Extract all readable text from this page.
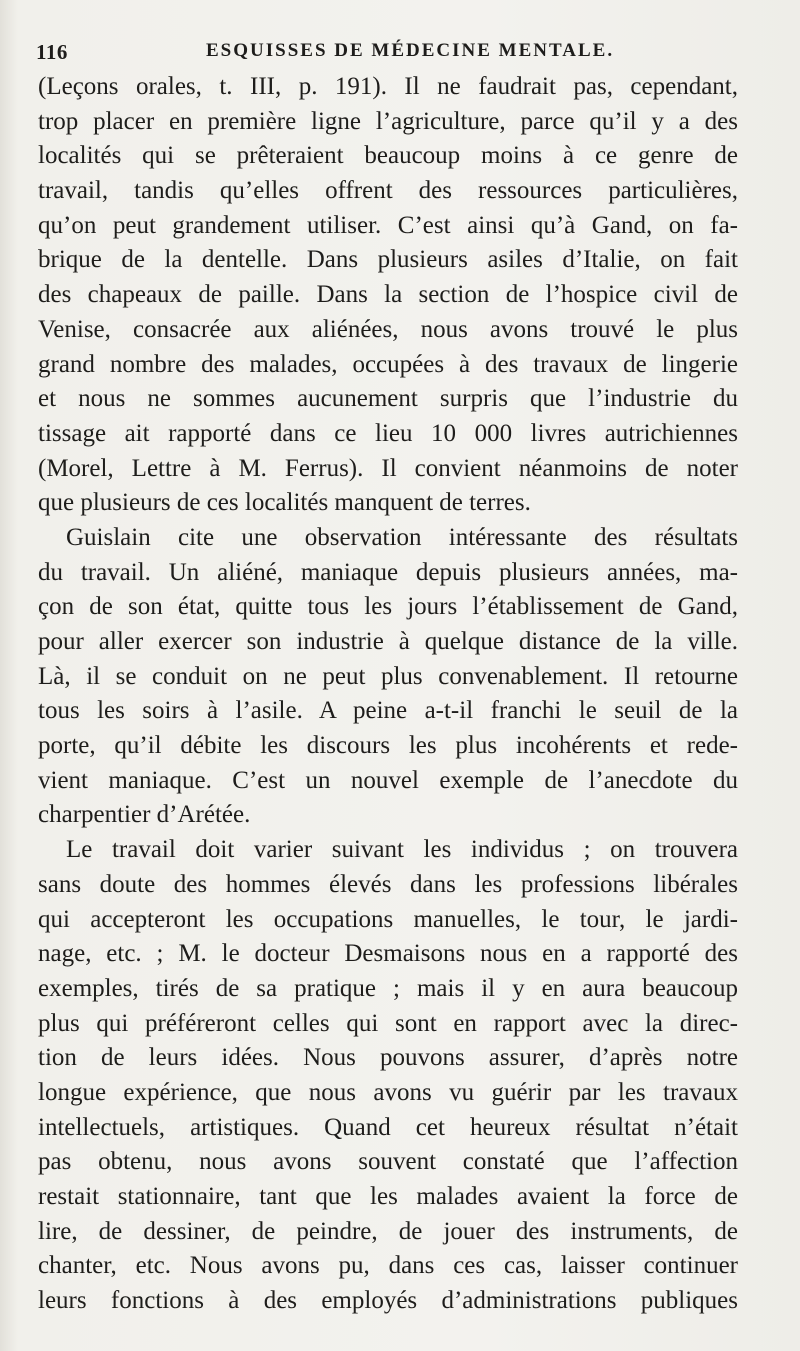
116	ESQUISSES DE MÉDECINE MENTALE.
(Leçons orales, t. III, p. 191). Il ne faudrait pas, cependant,
trop placer en première ligne l’agriculture, parce qu’il y a des
localités qui se prêteraient beaucoup moins à ce genre de
travail, tandis qu’elles offrent des ressources particulières,
qu’on peut grandement utiliser. C’est ainsi qu’à Gand, on fa-
brique de la dentelle. Dans plusieurs asiles d’Italie, on fait
des chapeaux de paille. Dans la section de l’hospice civil de
Venise, consacrée aux aliénées, nous avons trouvé le plus
grand nombre des malades, occupées à des travaux de lingerie
et nous ne sommes aucunement surpris que l’industrie du
tissage ait rapporté dans ce lieu 10 000 livres autrichiennes
(Morel, Lettre à M. Ferrus). Il convient néanmoins de noter
que plusieurs de ces localités manquent de terres.
Guislain cite une observation intéressante des résultats
du travail. Un aliéné, maniaque depuis plusieurs années, ma-
çon de son état, quitte tous les jours l’établissement de Gand,
pour aller exercer son industrie à quelque distance de la ville.
Là, il se conduit on ne peut plus convenablement. Il retourne
tous les soirs à l’asile. A peine a-t-il franchi le seuil de la
porte, qu’il débite les discours les plus incohérents et rede-
vient maniaque. C’est un nouvel exemple de l’anecdote du
charpentier d’Arétée.
Le travail doit varier suivant les individus ; on trouvera
sans doute des hommes élevés dans les professions libérales
qui accepteront les occupations manuelles, le tour, le jardi-
nage, etc. ; M. le docteur Desmaisons nous en a rapporté des
exemples, tirés de sa pratique ; mais il y en aura beaucoup
plus qui préféreront celles qui sont en rapport avec la direc-
tion de leurs idées. Nous pouvons assurer, d’après notre
longue expérience, que nous avons vu guérir par les travaux
intellectuels, artistiques. Quand cet heureux résultat n’était
pas obtenu, nous avons souvent constaté que l’affection
restait stationnaire, tant que les malades avaient la force de
lire, de dessiner, de peindre, de jouer des instruments, de
chanter, etc. Nous avons pu, dans ces cas, laisser continuer
leurs fonctions à des employés d’administrations publiques
